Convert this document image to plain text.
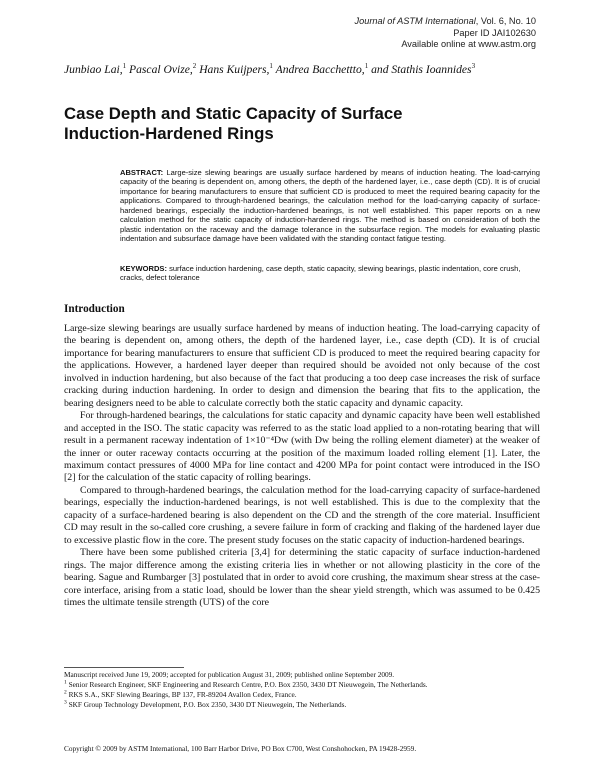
Journal of ASTM International, Vol. 6, No. 10
Paper ID JAI102630
Available online at www.astm.org
Junbiao Lai,$^1$ Pascal Ovize,$^2$ Hans Kuijpers,$^1$ Andrea Bacchettto,$^1$ and Stathis Ioannides$^3$
Case Depth and Static Capacity of Surface
Induction-Hardened Rings
ABSTRACT: Large-size slewing bearings are usually surface hardened by means of induction heating. The load-carrying capacity of the bearing is dependent on, among others, the depth of the hardened layer, i.e., case depth (CD). It is of crucial importance for bearing manufacturers to ensure that sufficient CD is produced to meet the required bearing capacity for the applications. Compared to through-hardened bearings, the calculation method for the load-carrying capacity of surface-hardened bearings, especially the induction-hardened bearings, is not well established. This paper reports on a new calculation method for the static capacity of induction-hardened rings. The method is based on consideration of both the plastic indentation on the raceway and the damage tolerance in the subsurface region. The models for evaluating plastic indentation and subsurface damage have been validated with the standing contact fatigue testing.
KEYWORDS: surface induction hardening, case depth, static capacity, slewing bearings, plastic indentation, core crush, cracks, defect tolerance
Introduction

Large-size slewing bearings are usually surface hardened by means of induction heating. The load-carrying capacity of the bearing is dependent on, among others, the depth of the hardened layer, i.e., case depth (CD). It is of crucial importance for bearing manufacturers to ensure that sufficient CD is produced to meet the required bearing capacity for the applications. However, a hardened layer deeper than required should be avoided not only because of the cost involved in induction hardening, but also because of the fact that producing a too deep case increases the risk of surface cracking during induction hardening. In order to design and dimension the bearing that fits to the application, the bearing designers need to be able to calculate correctly both the static capacity and dynamic capacity.

For through-hardened bearings, the calculations for static capacity and dynamic capacity have been well established and accepted in the ISO. The static capacity was referred to as the static load applied to a non-rotating bearing that will result in a permanent raceway indentation of 1×10⁻⁴Dw (with Dw being the rolling element diameter) at the weaker of the inner or outer raceway contacts occurring at the position of the maximum loaded rolling element [1]. Later, the maximum contact pressures of 4000 MPa for line contact and 4200 MPa for point contact were introduced in the ISO [2] for the calculation of the static capacity of rolling bearings.

Compared to through-hardened bearings, the calculation method for the load-carrying capacity of surface-hardened bearings, especially the induction-hardened bearings, is not well established. This is due to the complexity that the capacity of a surface-hardened bearing is also dependent on the CD and the strength of the core material. Insufficient CD may result in the so-called core crushing, a severe failure in form of cracking and flaking of the hardened layer due to excessive plastic flow in the core. The present study focuses on the static capacity of induction-hardened bearings.

There have been some published criteria [3,4] for determining the static capacity of surface induction-hardened rings. The major difference among the existing criteria lies in whether or not allowing plasticity in the core of the bearing. Sague and Rumbarger [3] postulated that in order to avoid core crushing, the maximum shear stress at the case-core interface, arising from a static load, should be lower than the shear yield strength, which was assumed to be 0.425 times the ultimate tensile strength (UTS) of the core

Manuscript received June 19, 2009; accepted for publication August 31, 2009; published online September 2009.
$^1$ Senior Research Engineer, SKF Engineering and Research Centre, P.O. Box 2350, 3430 DT Nieuwegein, The Netherlands.
$^2$ RKS S.A., SKF Slewing Bearings, BP 137, FR-89204 Avallon Cedex, France.
$^3$ SKF Group Technology Development, P.O. Box 2350, 3430 DT Nieuwegein, The Netherlands.
Copyright © 2009 by ASTM International, 100 Barr Harbor Drive, PO Box C700, West Conshohocken, PA 19428-2959.
